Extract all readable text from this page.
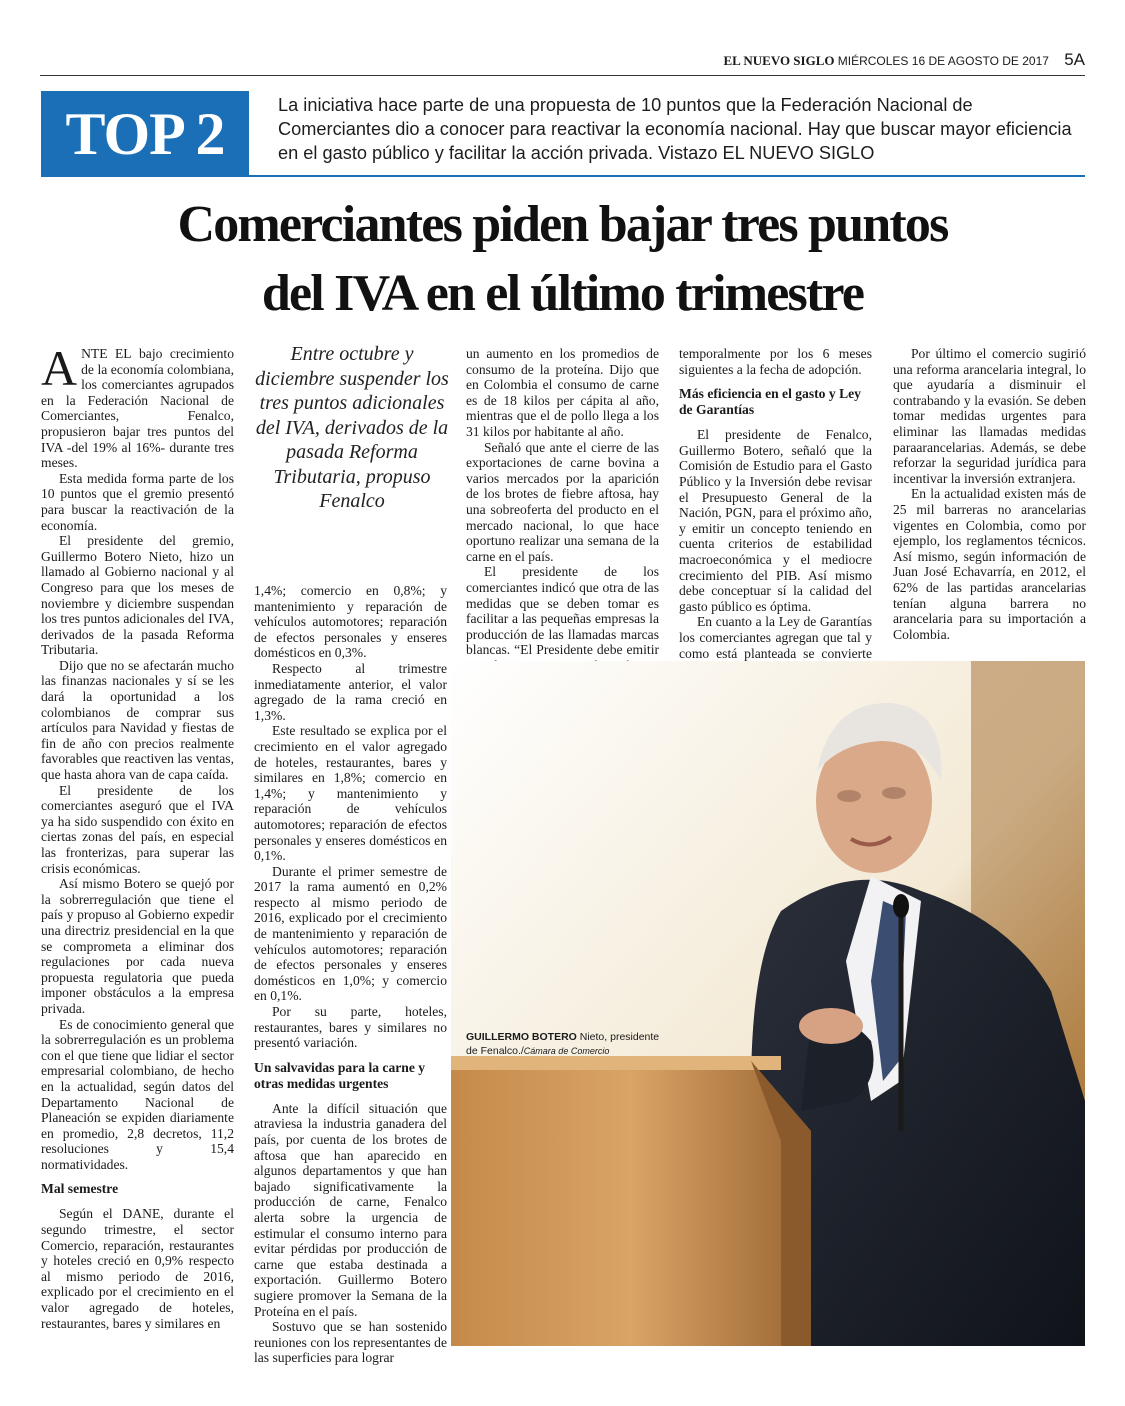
EL NUEVO SIGLO MIÉRCOLES 16 DE AGOSTO DE 2017 5A
TOP 2	La iniciativa hace parte de una propuesta de 10 puntos que la Federación Nacional de Comerciantes dio a conocer para reactivar la economía nacional. Hay que buscar mayor eficiencia en el gasto público y facilitar la acción privada. Vistazo EL NUEVO SIGLO
Comerciantes piden bajar tres puntos
del IVA en el último trimestre

ANTE EL bajo crecimiento de la economía colombiana, los comerciantes agrupados en la Federación Nacional de Comerciantes, Fenalco, propusieron bajar tres puntos del IVA -del 19% al 16%- durante tres meses.

Esta medida forma parte de los 10 puntos que el gremio presentó para buscar la reactivación de la economía.

El presidente del gremio, Guillermo Botero Nieto, hizo un llamado al Gobierno nacional y al Congreso para que los meses de noviembre y diciembre suspendan los tres puntos adicionales del IVA, derivados de la pasada Reforma Tributaria.

Dijo que no se afectarán mucho las finanzas nacionales y sí se les dará la oportunidad a los colombianos de comprar sus artículos para Navidad y fiestas de fin de año con precios realmente favorables que reactiven las ventas, que hasta ahora van de capa caída.

El presidente de los comerciantes aseguró que el IVA ya ha sido suspendido con éxito en ciertas zonas del país, en especial las fronterizas, para superar las crisis económicas.

Así mismo Botero se quejó por la sobrerregulación que tiene el país y propuso al Gobierno expedir una directriz presidencial en la que se comprometa a eliminar dos regulaciones por cada nueva propuesta regulatoria que pueda imponer obstáculos a la empresa privada.

Es de conocimiento general que la sobrerregulación es un problema con el que tiene que lidiar el sector empresarial colombiano, de hecho en la actualidad, según datos del Departamento Nacional de Planeación se expiden diariamente en promedio, 2,8 decretos, 11,2 resoluciones y 15,4 normatividades.

Mal semestre

Según el DANE, durante el segundo trimestre, el sector Comercio, reparación, restaurantes y hoteles creció en 0,9% respecto al mismo periodo de 2016, explicado por el crecimiento en el valor agregado de hoteles, restaurantes, bares y similares en

Entre octubre y diciembre suspender los tres puntos adicionales del IVA, derivados de la pasada Reforma Tributaria, propuso Fenalco

1,4%; comercio en 0,8%; y mantenimiento y reparación de vehículos automotores; reparación de efectos personales y enseres domésticos en 0,3%.

Respecto al trimestre inmediatamente anterior, el valor agregado de la rama creció en 1,3%.

Este resultado se explica por el crecimiento en el valor agregado de hoteles, restaurantes, bares y similares en 1,8%; comercio en 1,4%; y mantenimiento y reparación de vehículos automotores; reparación de efectos personales y enseres domésticos en 0,1%.

Durante el primer semestre de 2017 la rama aumentó en 0,2% respecto al mismo periodo de 2016, explicado por el crecimiento de mantenimiento y reparación de vehículos automotores; reparación de efectos personales y enseres domésticos en 1,0%; y comercio en 0,1%.

Por su parte, hoteles, restaurantes, bares y similares no presentó variación.

Un salvavidas para la carne y otras medidas urgentes

Ante la difícil situación que atraviesa la industria ganadera del país, por cuenta de los brotes de aftosa que han aparecido en algunos departamentos y que han bajado significativamente la producción de carne, Fenalco alerta sobre la urgencia de estimular el consumo interno para evitar pérdidas por producción de carne que estaba destinada a exportación. Guillermo Botero sugiere promover la Semana de la Proteína en el país.

Sostuvo que se han sostenido reuniones con los representantes de las superficies para lograr

un aumento en los promedios de consumo de la proteína. Dijo que en Colombia el consumo de carne es de 18 kilos per cápita al año, mientras que el de pollo llega a los 31 kilos por habitante al año.

Señaló que ante el cierre de las exportaciones de carne bovina a varios mercados por la aparición de los brotes de fiebre aftosa, hay una sobreoferta del producto en el mercado nacional, lo que hace oportuno realizar una semana de la carne en el país.

El presidente de los comerciantes indicó que otra de las medidas que se deben tomar es facilitar a las pequeñas empresas la producción de las llamadas marcas blancas. “El Presidente debe emitir

temporalmente por los 6 meses siguientes a la fecha de adopción.

Más eficiencia en el gasto y Ley de Garantías

El presidente de Fenalco, Guillermo Botero, señaló que la Comisión de Estudio para el Gasto Público y la Inversión debe revisar el Presupuesto General de la Nación, PGN, para el próximo año, y emitir un concepto teniendo en cuenta criterios de estabilidad macroeconómica y el mediocre crecimiento del PIB. Así mismo debe conceptuar sí la calidad del gasto público es óptima.

En cuanto a la Ley de Garantías los comerciantes agregan que tal y como está planteada se convierte

Por último el comercio sugirió una reforma arancelaria integral, lo que ayudaría a disminuir el contrabando y la evasión. Se deben tomar medidas urgentes para eliminar las llamadas medidas paraarancelarias. Además, se debe reforzar la seguridad jurídica para incentivar la inversión extranjera.

En la actualidad existen más de 25 mil barreras no arancelarias vigentes en Colombia, como por ejemplo, los reglamentos técnicos. Así mismo, según información de Juan José Echavarría, en 2012, el 62% de las partidas arancelarias tenían alguna barrera no arancelaria para su importación a Colombia.

GUILLERMO BOTERO Nieto, presidente de Fenalco./Cámara de Comercio
